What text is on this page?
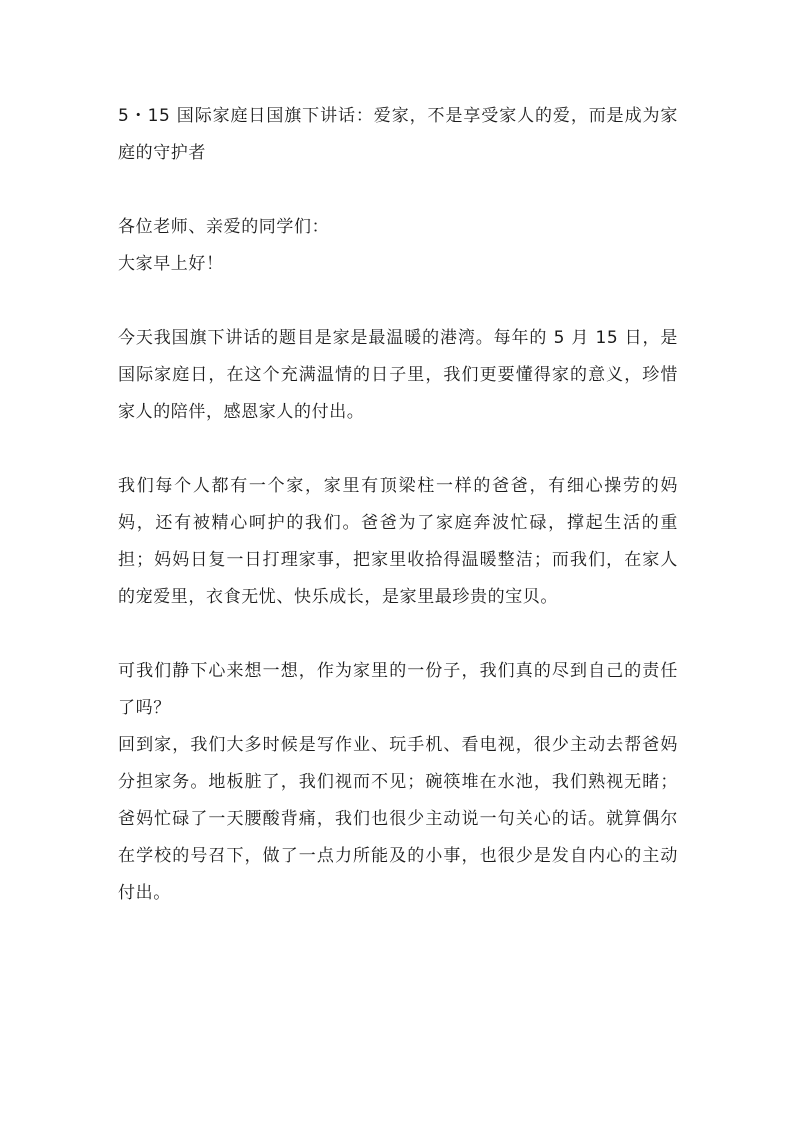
5・15 国际家庭日国旗下讲话：爱家，不是享受家人的爱，而是成为家庭的守护者

各位老师、亲爱的同学们：

大家早上好！

今天我国旗下讲话的题目是家是最温暖的港湾。每年的 5 月 15 日，是国际家庭日，在这个充满温情的日子里，我们更要懂得家的意义，珍惜家人的陪伴，感恩家人的付出。

我们每个人都有一个家，家里有顶梁柱一样的爸爸，有细心操劳的妈妈，还有被精心呵护的我们。爸爸为了家庭奔波忙碌，撑起生活的重担；妈妈日复一日打理家事，把家里收拾得温暖整洁；而我们，在家人的宠爱里，衣食无忧、快乐成长，是家里最珍贵的宝贝。

可我们静下心来想一想，作为家里的一份子，我们真的尽到自己的责任了吗？

回到家，我们大多时候是写作业、玩手机、看电视，很少主动去帮爸妈分担家务。地板脏了，我们视而不见；碗筷堆在水池，我们熟视无睹；爸妈忙碌了一天腰酸背痛，我们也很少主动说一句关心的话。就算偶尔在学校的号召下，做了一点力所能及的小事，也很少是发自内心的主动付出。
